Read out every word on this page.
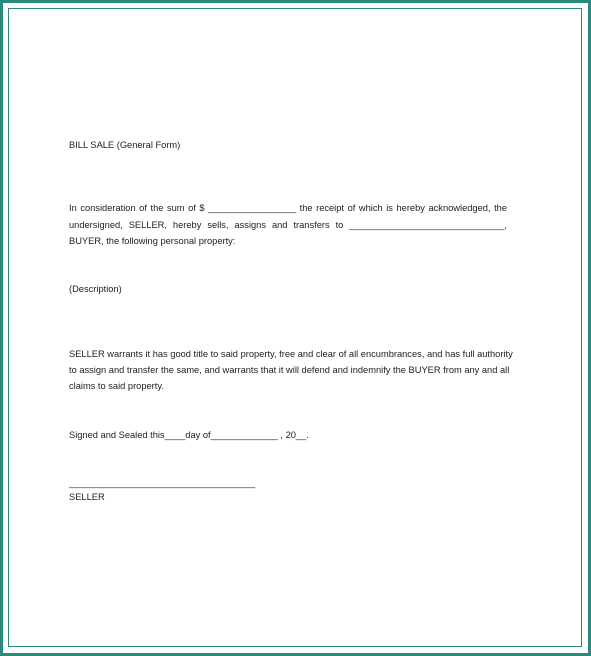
BILL SALE (General Form)
In consideration of the sum of $ _________________ the receipt of which is hereby acknowledged, the
undersigned, SELLER, hereby sells, assigns and transfers to ______________________________,
BUYER, the following personal property:
(Description)
SELLER warrants it has good title to said property, free and clear of all encumbrances, and has full authority
to assign and transfer the same, and warrants that it will defend and indemnify the BUYER from any and all
claims to said property.
Signed and Sealed this____day of_____________ , 20__.
____________________________________
SELLER
